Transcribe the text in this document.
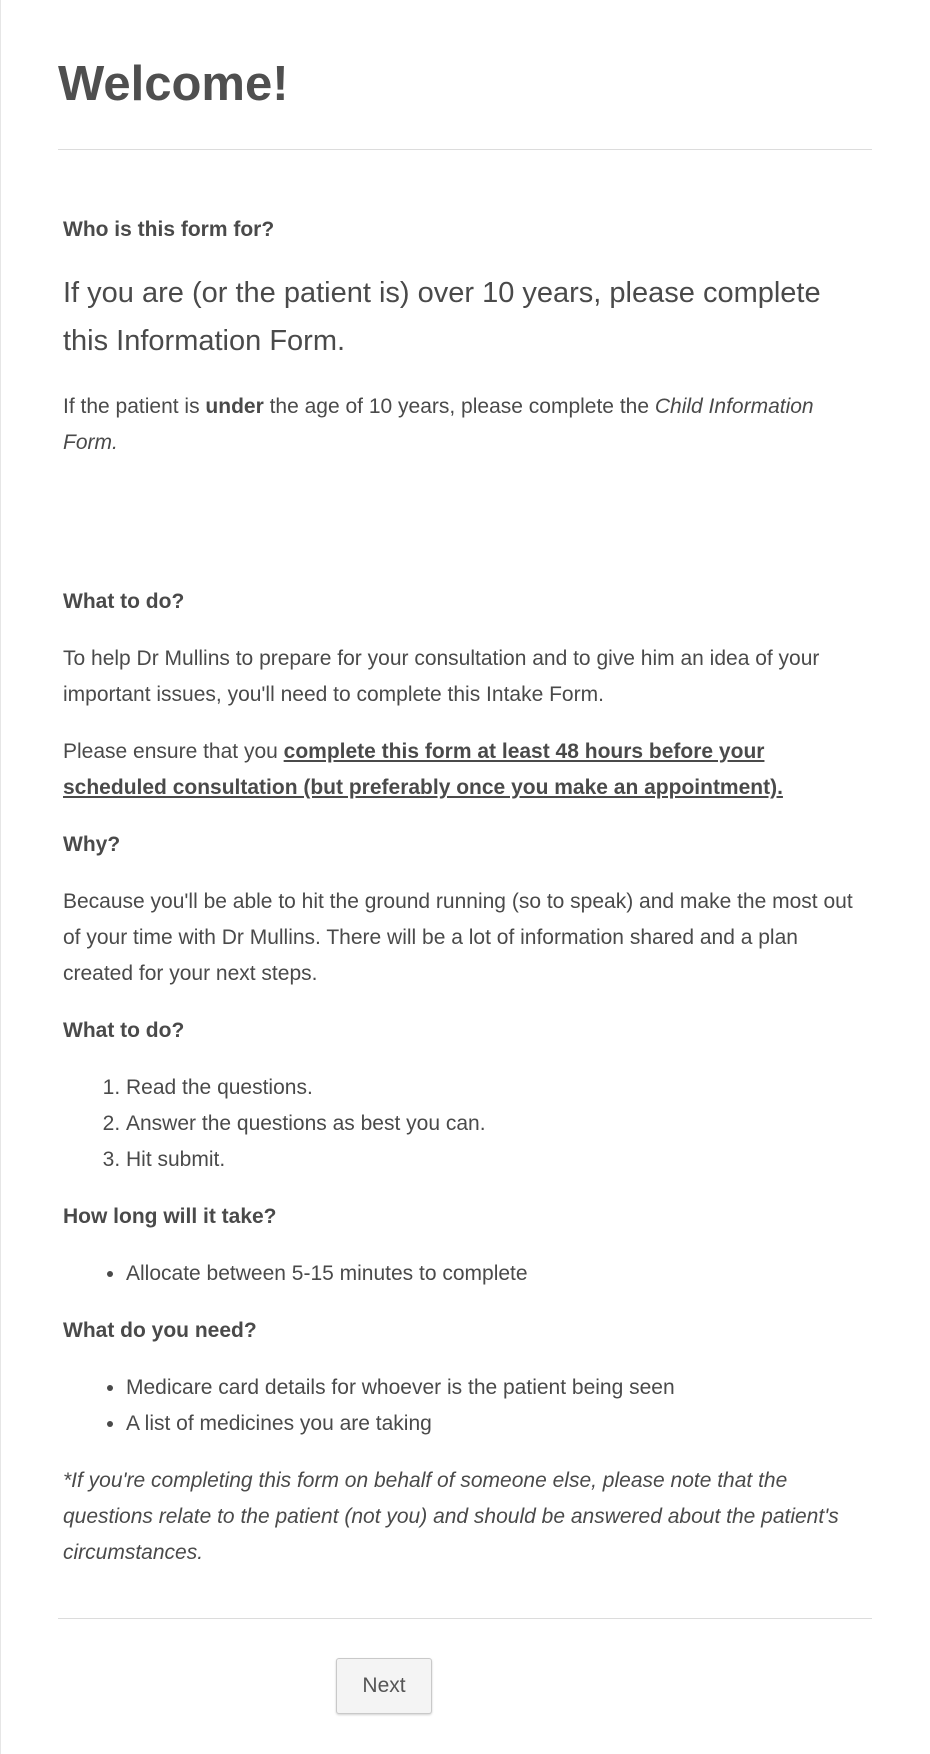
Welcome!

Who is this form for?

If you are (or the patient is) over 10 years, please complete this Information Form.

If the patient is under the age of 10 years, please complete the Child Information Form.

What to do?

To help Dr Mullins to prepare for your consultation and to give him an idea of your important issues, you'll need to complete this Intake Form.

Please ensure that you complete this form at least 48 hours before your scheduled consultation (but preferably once you make an appointment).

Why?

Because you'll be able to hit the ground running (so to speak) and make the most out of your time with Dr Mullins. There will be a lot of information shared and a plan created for your next steps.

What to do?

1. Read the questions.
2. Answer the questions as best you can.
3. Hit submit.

How long will it take?

• Allocate between 5-15 minutes to complete

What do you need?

• Medicare card details for whoever is the patient being seen
• A list of medicines you are taking

*If you're completing this form on behalf of someone else, please note that the questions relate to the patient (not you) and should be answered about the patient's circumstances.

Next
